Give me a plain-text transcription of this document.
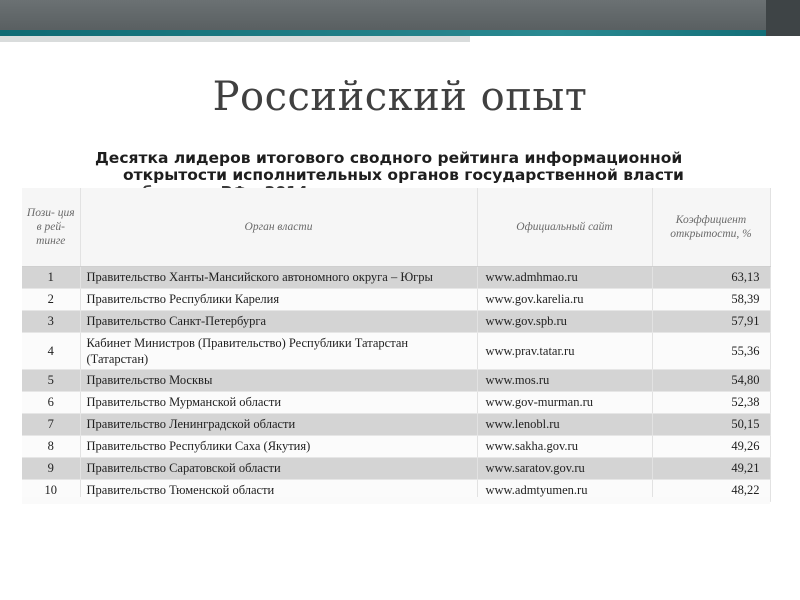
Российский опыт
Десятка лидеров итогового сводного рейтинга информационной
открытости исполнительных органов государственной власти
Пози- ция в рей- тинге	Орган власти	Официальный сайт	Коэффициент открытости, %
1	Правительство Ханты-Мансийского автономного округа – Югры	www.admhmao.ru	63,13
2	Правительство Республики Карелия	www.gov.karelia.ru	58,39
3	Правительство Санкт-Петербурга	www.gov.spb.ru	57,91
4	Кабинет Министров (Правительство) Республики Татарстан (Татарстан)	www.prav.tatar.ru	55,36
5	Правительство Москвы	www.mos.ru	54,80
6	Правительство Мурманской области	www.gov-murman.ru	52,38
7	Правительство Ленинградской области	www.lenobl.ru	50,15
8	Правительство Республики Саха (Якутия)	www.sakha.gov.ru	49,26
9	Правительство Саратовской области	www.saratov.gov.ru	49,21
10	Правительство Тюменской области	www.admtyumen.ru	48,22
